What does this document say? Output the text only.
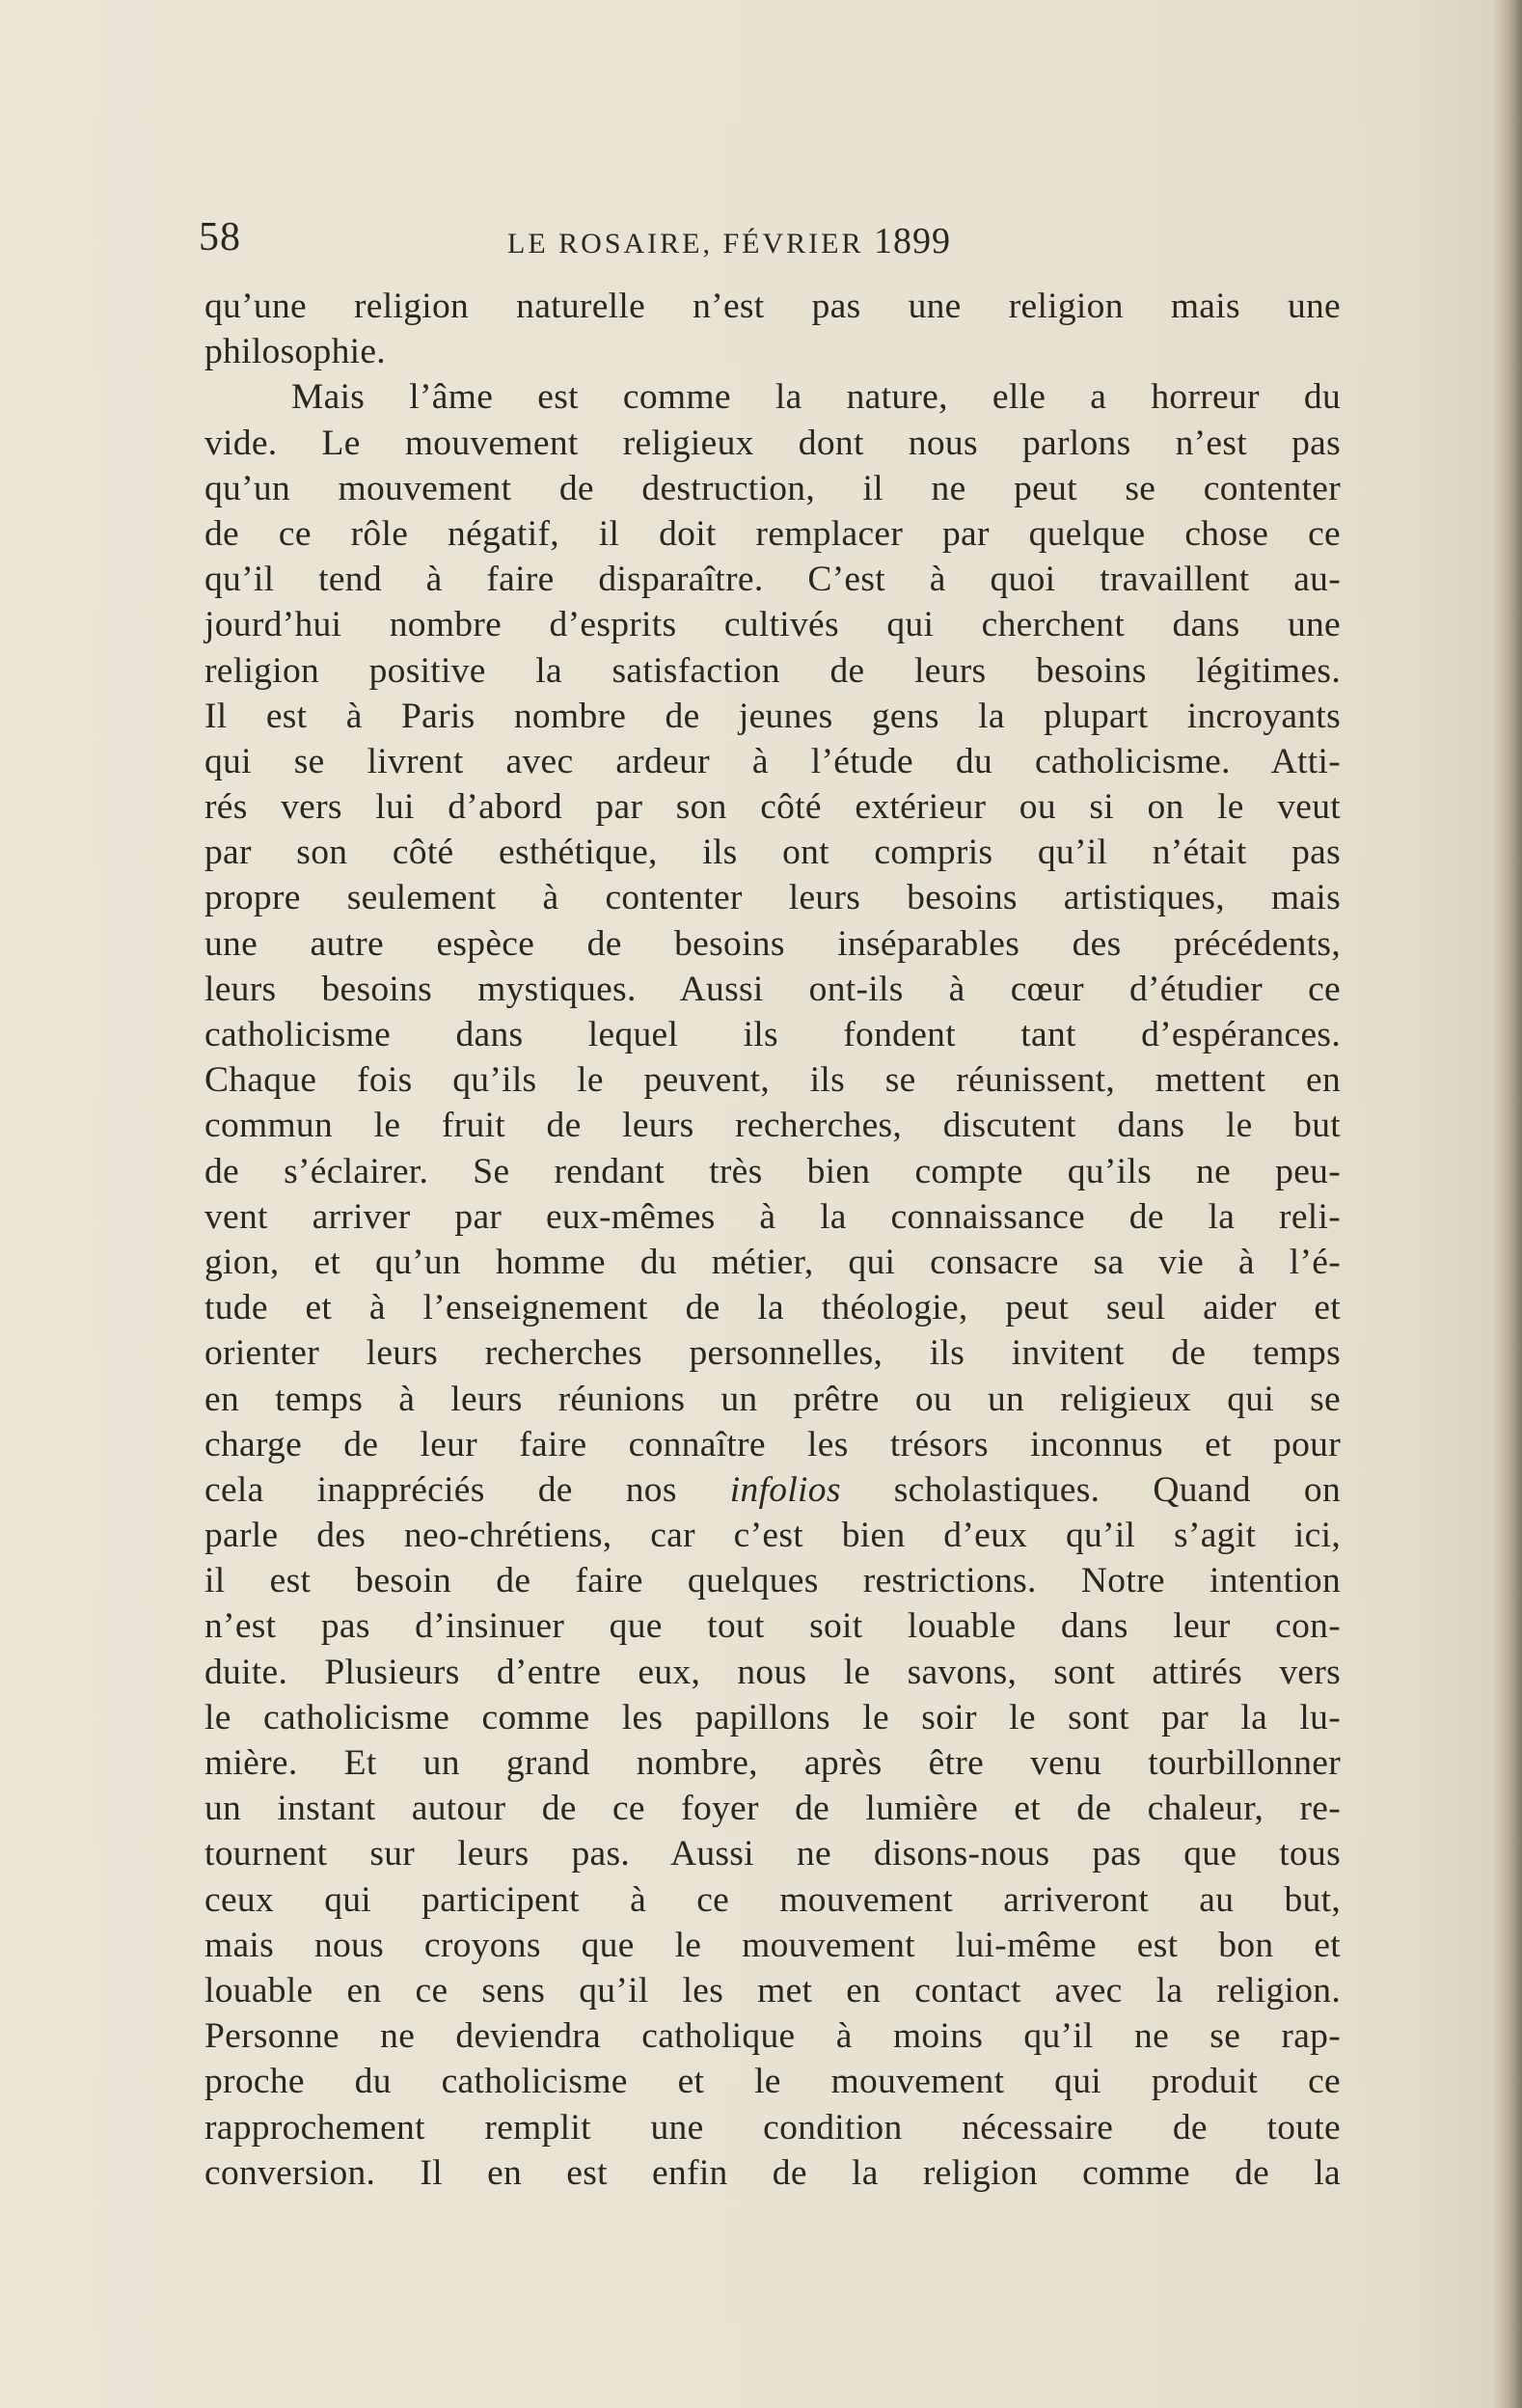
58	LE ROSAIRE, FÉVRIER 1899
qu’une religion naturelle n’est pas une religion mais une
philosophie.
Mais l’âme est comme la nature, elle a horreur du
vide. Le mouvement religieux dont nous parlons n’est pas
qu’un mouvement de destruction, il ne peut se contenter
de ce rôle négatif, il doit remplacer par quelque chose ce
qu’il tend à faire disparaître. C’est à quoi travaillent au-
jourd’hui nombre d’esprits cultivés qui cherchent dans une
religion positive la satisfaction de leurs besoins légitimes.
Il est à Paris nombre de jeunes gens la plupart incroyants
qui se livrent avec ardeur à l’étude du catholicisme. Atti-
rés vers lui d’abord par son côté extérieur ou si on le veut
par son côté esthétique, ils ont compris qu’il n’était pas
propre seulement à contenter leurs besoins artistiques, mais
une autre espèce de besoins inséparables des précédents,
leurs besoins mystiques. Aussi ont-ils à cœur d’étudier ce
catholicisme dans lequel ils fondent tant d’espérances.
Chaque fois qu’ils le peuvent, ils se réunissent, mettent en
commun le fruit de leurs recherches, discutent dans le but
de s’éclairer. Se rendant très bien compte qu’ils ne peu-
vent arriver par eux-mêmes à la connaissance de la reli-
gion, et qu’un homme du métier, qui consacre sa vie à l’é-
tude et à l’enseignement de la théologie, peut seul aider et
orienter leurs recherches personnelles, ils invitent de temps
en temps à leurs réunions un prêtre ou un religieux qui se
charge de leur faire connaître les trésors inconnus et pour
cela inappréciés de nos infolios scholastiques. Quand on
parle des neo-chrétiens, car c’est bien d’eux qu’il s’agit ici,
il est besoin de faire quelques restrictions. Notre intention
n’est pas d’insinuer que tout soit louable dans leur con-
duite. Plusieurs d’entre eux, nous le savons, sont attirés vers
le catholicisme comme les papillons le soir le sont par la lu-
mière. Et un grand nombre, après être venu tourbillonner
un instant autour de ce foyer de lumière et de chaleur, re-
tournent sur leurs pas. Aussi ne disons-nous pas que tous
ceux qui participent à ce mouvement arriveront au but,
mais nous croyons que le mouvement lui-même est bon et
louable en ce sens qu’il les met en contact avec la religion.
Personne ne deviendra catholique à moins qu’il ne se rap-
proche du catholicisme et le mouvement qui produit ce
rapprochement remplit une condition nécessaire de toute
conversion. Il en est enfin de la religion comme de la
